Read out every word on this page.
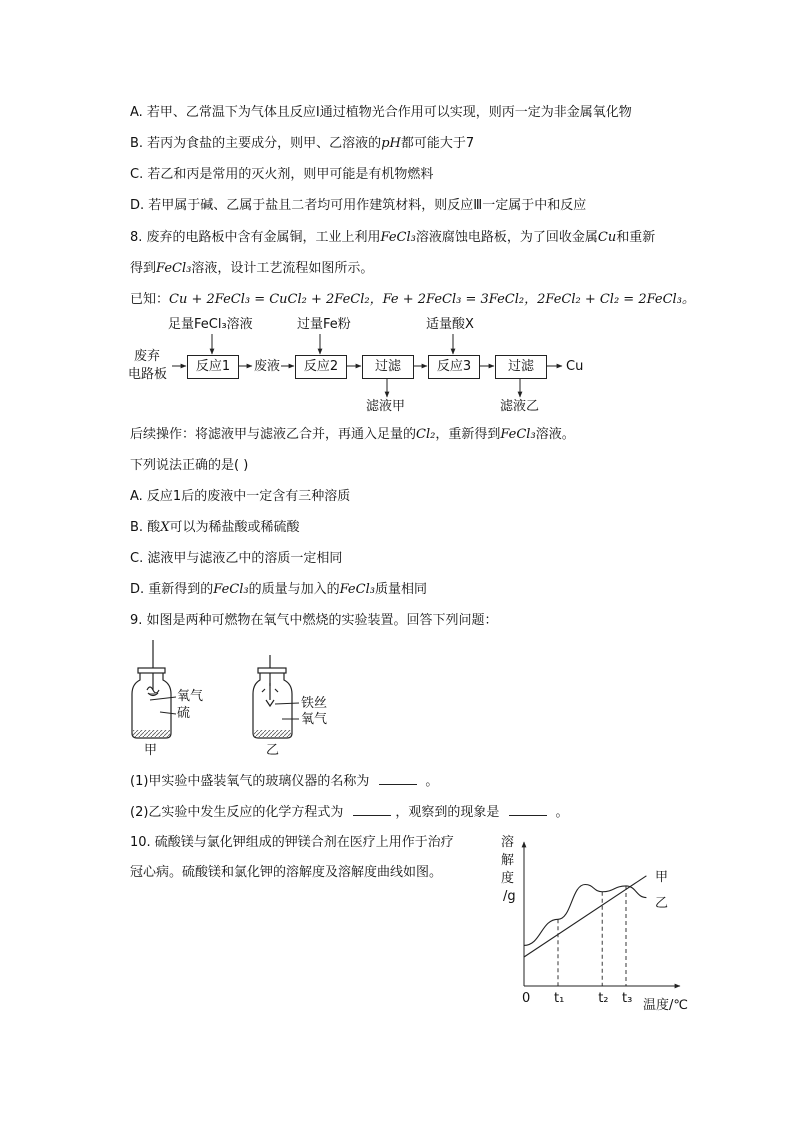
A. 若甲、乙常温下为气体且反应Ⅰ通过植物光合作用可以实现，则丙一定为非金属氧化物
B. 若丙为食盐的主要成分，则甲、乙溶液的pH都可能大于7
C. 若乙和丙是常用的灭火剂，则甲可能是有机物燃料
D. 若甲属于碱、乙属于盐且二者均可用作建筑材料，则反应Ⅲ一定属于中和反应
8. 废弃的电路板中含有金属铜，工业上利用FeCl₃溶液腐蚀电路板，为了回收金属Cu和重新
得到FeCl₃溶液，设计工艺流程如图所示。
已知：Cu + 2FeCl₃ = CuCl₂ + 2FeCl₂，Fe + 2FeCl₃ = 3FeCl₂，2FeCl₂ + Cl₂ = 2FeCl₃。
足量FeCl₃溶液	过量Fe粉	适量酸X
废弃
电路板
反应1	废液	反应2	过滤	反应3	过滤	Cu
滤液甲	滤液乙
后续操作：将滤液甲与滤液乙合并，再通入足量的Cl₂，重新得到FeCl₃溶液。
下列说法正确的是( )
A. 反应1后的废液中一定含有三种溶质
B. 酸X可以为稀盐酸或稀硫酸
C. 滤液甲与滤液乙中的溶质一定相同
D. 重新得到的FeCl₃的质量与加入的FeCl₃质量相同
9. 如图是两种可燃物在氧气中燃烧的实验装置。回答下列问题：
氧气
硫
甲
铁丝
氧气
乙
(1)甲实验中盛装氧气的玻璃仪器的名称为	。
(2)乙实验中发生反应的化学方程式为	，观察到的现象是	。
10. 硫酸镁与氯化钾组成的钾镁合剂在医疗上用作于治疗
冠心病。硫酸镁和氯化钾的溶解度及溶解度曲线如图。
溶
解
度
/g
0 t₁	t₂ t₃ 温度/℃
甲
乙
